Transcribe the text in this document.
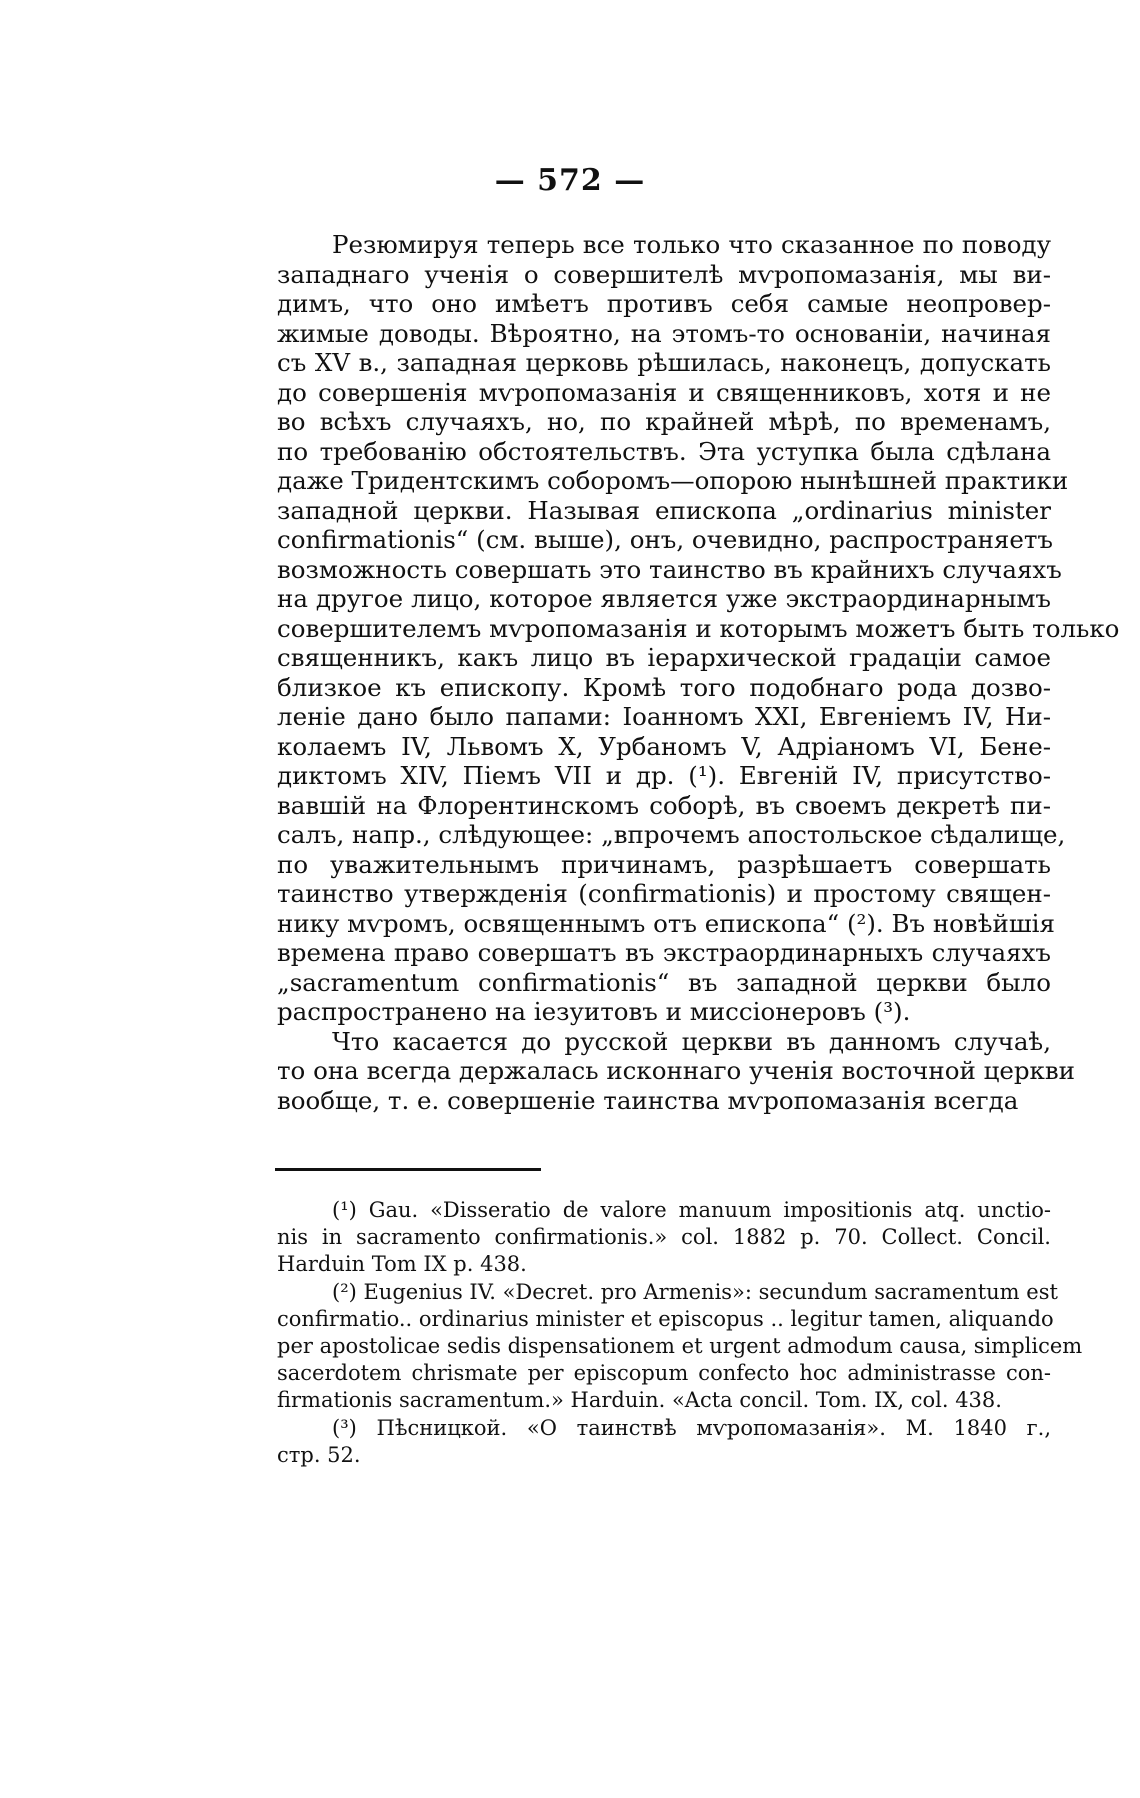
— 572 —
Резюмируя теперь все только что сказанное по поводу
западнаго ученія о совершителѣ мѵропомазанія, мы ви-
димъ, что оно имѣетъ противъ себя самые неопровер-
жимые доводы. Вѣроятно, на этомъ-то основаніи, начиная
съ XV в., западная церковь рѣшилась, наконецъ, допускать
до совершенія мѵропомазанія и священниковъ, хотя и не
во всѣхъ случаяхъ, но, по крайней мѣрѣ, по временамъ,
по требованію обстоятельствъ. Эта уступка была сдѣлана
даже Тридентскимъ соборомъ—опорою нынѣшней практики
западной церкви. Называя епископа „ordinarius minister
confirmationis“ (см. выше), онъ, очевидно, распространяетъ
возможность совершать это таинство въ крайнихъ случаяхъ
на другое лицо, которое является уже экстраординарнымъ
совершителемъ мѵропомазанія и которымъ можетъ быть только
священникъ, какъ лицо въ іерархической градаціи самое
близкое къ епископу. Кромѣ того подобнаго рода дозво-
леніе дано было папами: Іоанномъ XXI, Евгеніемъ IV, Ни-
колаемъ IV, Львомъ X, Урбаномъ V, Адріаномъ VI, Бене-
диктомъ XIV, Піемъ VII и др. (¹). Евгеній IV, присутство-
вавшій на Флорентинскомъ соборѣ, въ своемъ декретѣ пи-
салъ, напр., слѣдующее: „впрочемъ апостольское сѣдалище,
по уважительнымъ причинамъ, разрѣшаетъ совершать
таинство утвержденія (confirmationis) и простому священ-
нику мѵромъ, освященнымъ отъ епископа“ (²). Въ новѣйшія
времена право совершатъ въ экстраординарныхъ случаяхъ
„sacramentum confirmationis“ въ западной церкви было
распространено на іезуитовъ и миссіонеровъ (³).
Что касается до русской церкви въ данномъ случаѣ,
то она всегда держалась исконнаго ученія восточной церкви
вообще, т. е. совершеніе таинства мѵропомазанія всегда
(¹) Gau. «Disseratio de valore manuum impositionis atq. unctio-
nis in sacramento confirmationis.» col. 1882 p. 70. Collect. Concil.
Harduin Tom IX p. 438.
(²) Eugenius IV. «Decret. pro Armenis»: secundum sacramentum est
confirmatio.. ordinarius minister et episcopus .. legitur tamen, aliquando
per apostolicae sedis dispensationem et urgent admodum causa, simplicem
sacerdotem chrismate per episcopum confecto hoc administrasse con-
firmationis sacramentum.» Harduin. «Acta concil. Tom. IX, col. 438.
(³) Пѣсницкой. «О таинствѣ мѵропомазанія». М. 1840 г.,
стр. 52.
